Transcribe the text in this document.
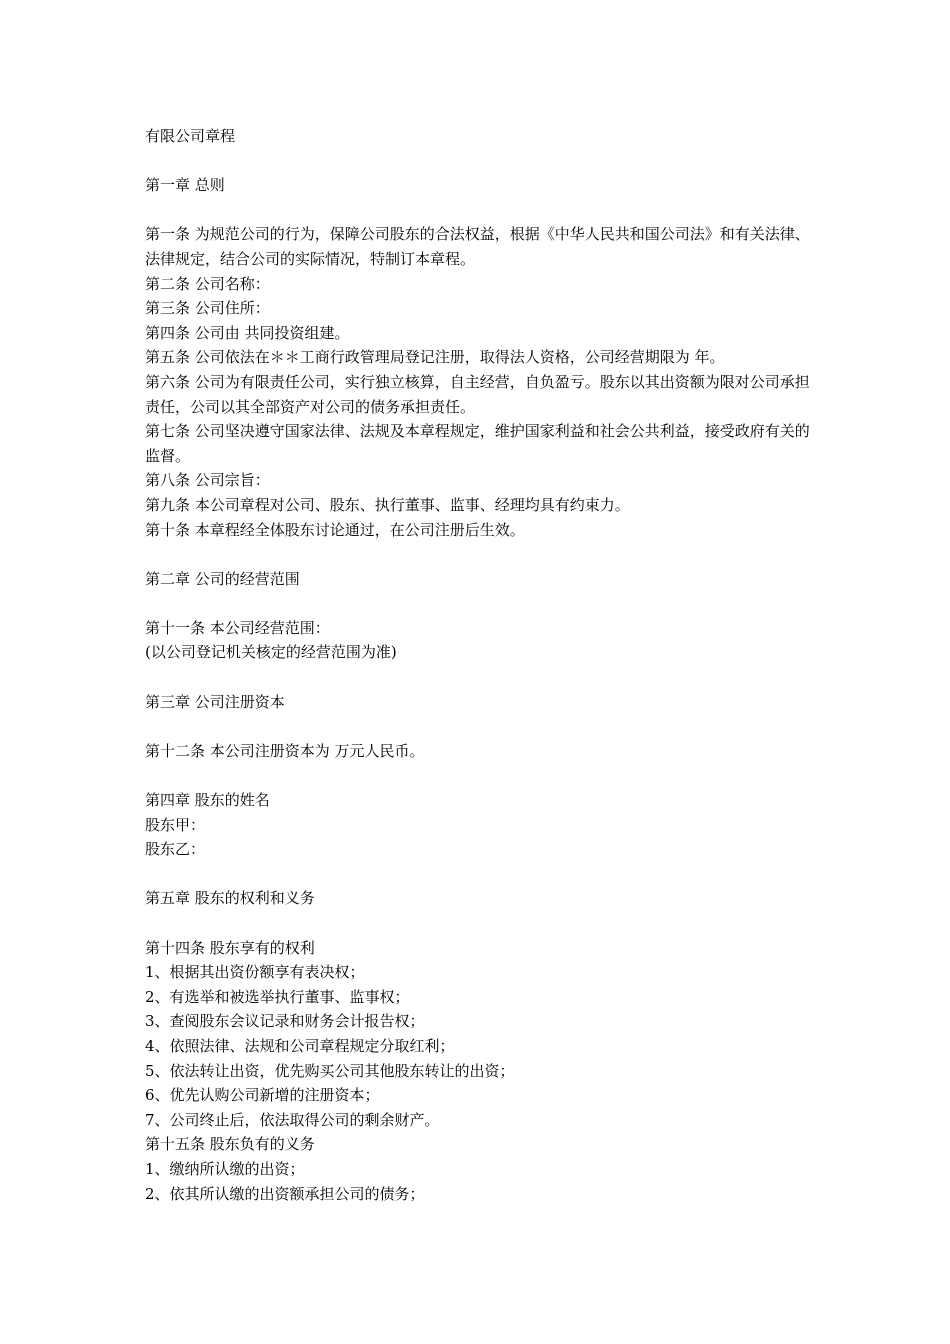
有限公司章程

第一章 总则

第一条 为规范公司的行为，保障公司股东的合法权益，根据《中华人民共和国公司法》和有关法律、法律规定，结合公司的实际情况，特制订本章程。

第二条 公司名称：

第三条 公司住所：

第四条 公司由 共同投资组建。

第五条 公司依法在＊＊工商行政管理局登记注册，取得法人资格，公司经营期限为 年。

第六条 公司为有限责任公司，实行独立核算，自主经营，自负盈亏。股东以其出资额为限对公司承担责任，公司以其全部资产对公司的债务承担责任。

第七条 公司坚决遵守国家法律、法规及本章程规定，维护国家利益和社会公共利益，接受政府有关的监督。

第八条 公司宗旨：

第九条 本公司章程对公司、股东、执行董事、监事、经理均具有约束力。

第十条 本章程经全体股东讨论通过，在公司注册后生效。

第二章 公司的经营范围

第十一条 本公司经营范围：

(以公司登记机关核定的经营范围为准)

第三章 公司注册资本

第十二条 本公司注册资本为 万元人民币。

第四章 股东的姓名

股东甲：

股东乙：

第五章 股东的权利和义务

第十四条 股东享有的权利

1、根据其出资份额享有表决权；

2、有选举和被选举执行董事、监事权；

3、查阅股东会议记录和财务会计报告权；

4、依照法律、法规和公司章程规定分取红利；

5、依法转让出资，优先购买公司其他股东转让的出资；

6、优先认购公司新增的注册资本；

7、公司终止后，依法取得公司的剩余财产。

第十五条 股东负有的义务

1、缴纳所认缴的出资；

2、依其所认缴的出资额承担公司的债务；
